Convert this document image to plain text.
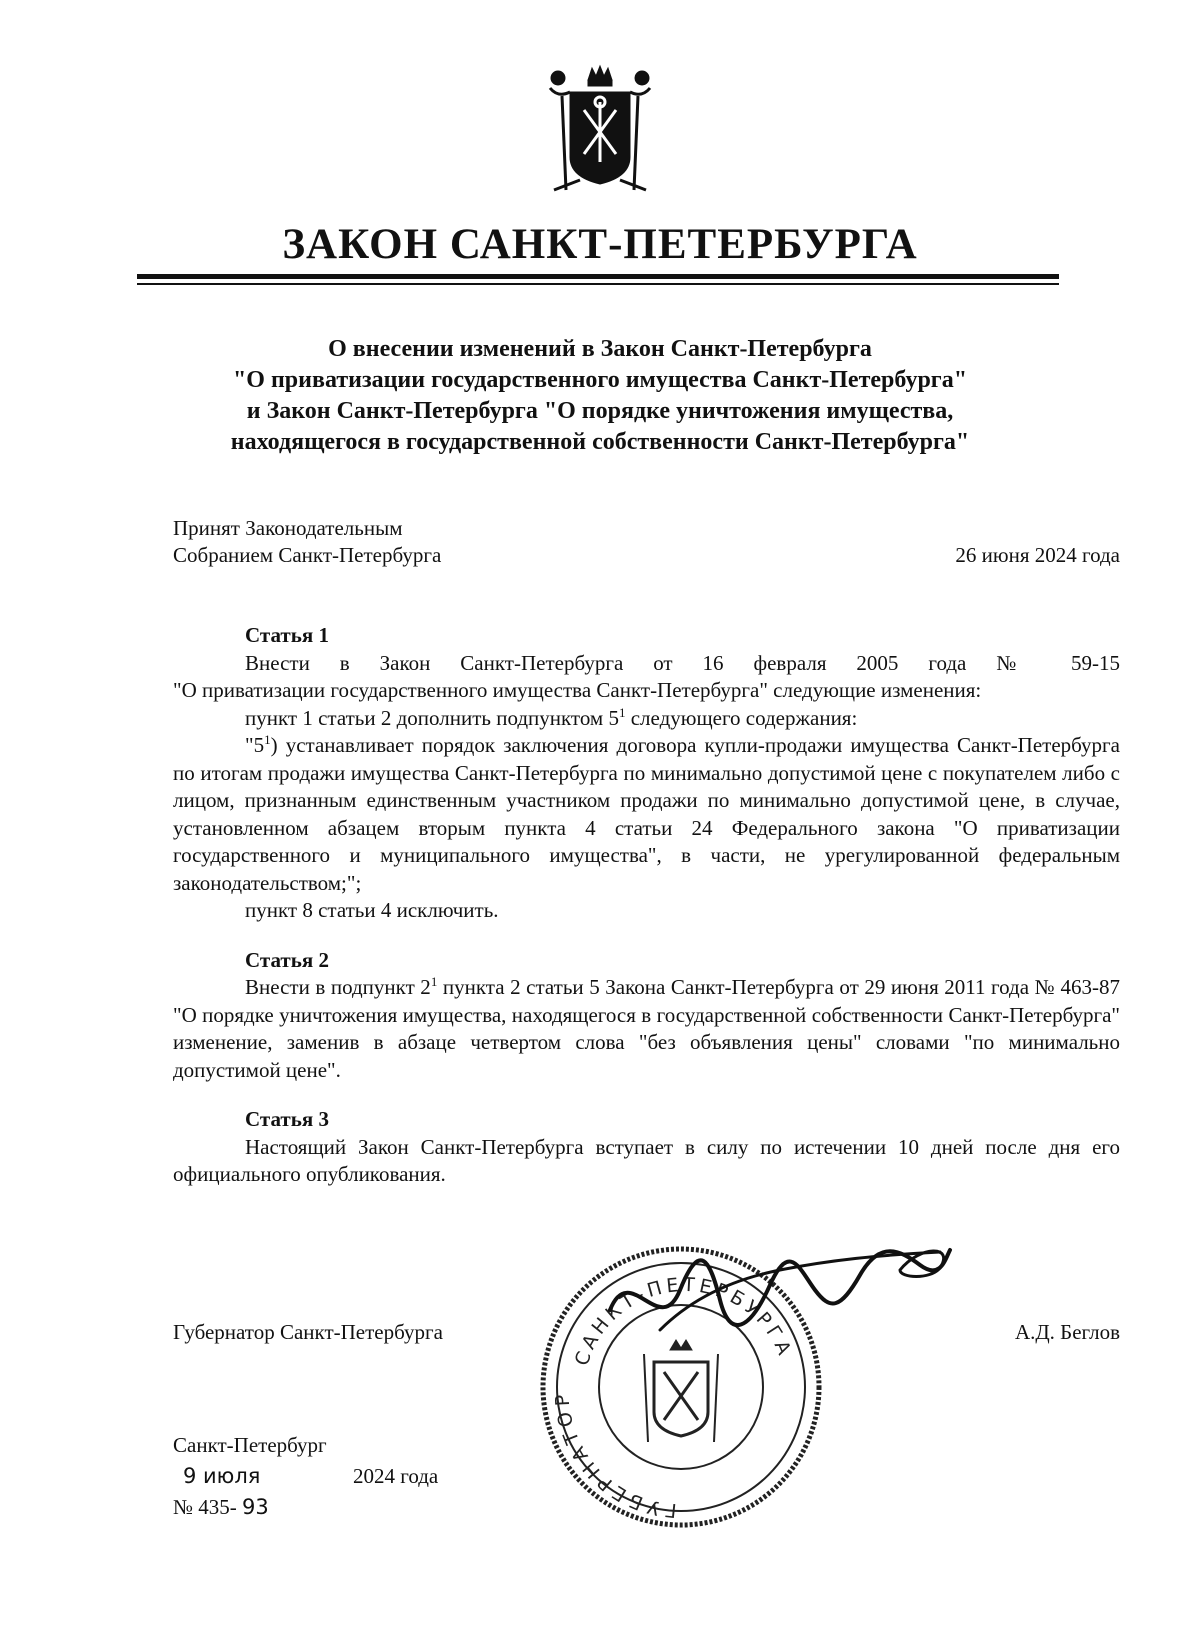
ЗАКОН САНКТ-ПЕТЕРБУРГА
О внесении изменений в Закон Санкт-Петербурга
"О приватизации государственного имущества Санкт-Петербурга"
и Закон Санкт-Петербурга "О порядке уничтожения имущества,
находящегося в государственной собственности Санкт-Петербурга"
Принят Законодательным
Собранием Санкт-Петербурга	26 июня 2024 года
Статья 1
Внести в Закон Санкт-Петербурга от 16 февраля 2005 года № 59-15
"О приватизации государственного имущества Санкт-Петербурга" следующие изменения:
пункт 1 статьи 2 дополнить подпунктом $5^1$ следующего содержания:
"$5^1$) устанавливает порядок заключения договора купли-продажи имущества Санкт-Петербурга по итогам продажи имущества Санкт-Петербурга по минимально допустимой цене с покупателем либо с лицом, признанным единственным участником продажи по минимально допустимой цене, в случае, установленном абзацем вторым пункта 4 статьи 24 Федерального закона "О приватизации государственного и муниципального имущества", в части, не урегулированной федеральным законодательством;";
пункт 8 статьи 4 исключить.
Статья 2
Внести в подпункт $2^1$ пункта 2 статьи 5 Закона Санкт-Петербурга от 29 июня 2011 года № 463-87 "О порядке уничтожения имущества, находящегося в государственной собственности Санкт-Петербурга" изменение, заменив в абзаце четвертом слова "без объявления цены" словами "по минимально допустимой цене".
Статья 3
Настоящий Закон Санкт-Петербурга вступает в силу по истечении 10 дней после дня его официального опубликования.
САНКТ-ПЕТЕРБУРГА
ГУБЕРНАТОР
Губернатор Санкт-Петербурга	А.Д. Беглов
Санкт-Петербург
9 июля	2024 года
№ 435- 93
